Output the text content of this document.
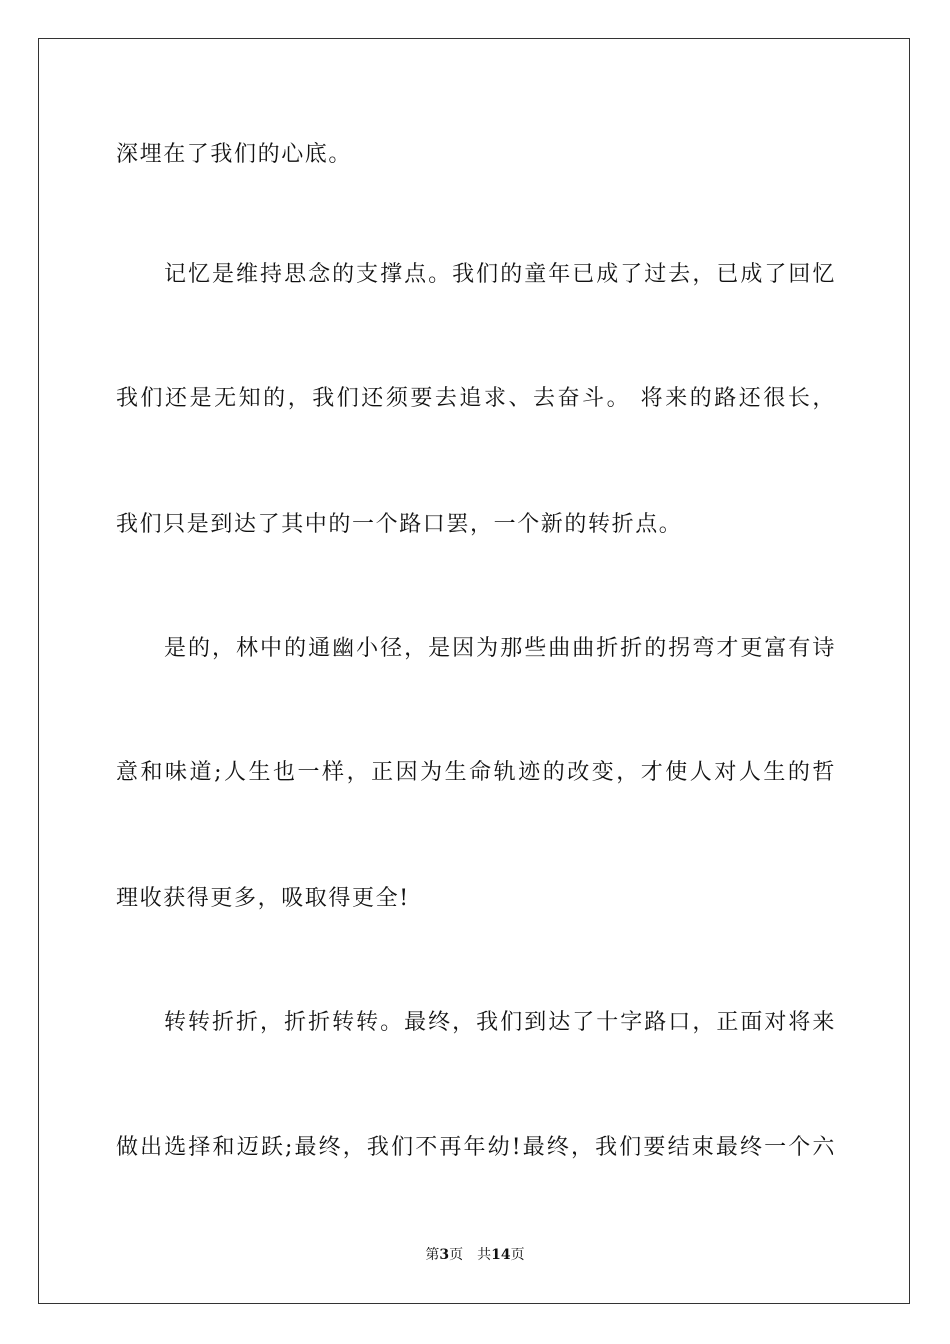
深埋在了我们的心底。
记忆是维持思念的支撑点。我们的童年已成了过去，已成了回忆
我们还是无知的，我们还须要去追求、去奋斗。 将来的路还很长，
我们只是到达了其中的一个路口罢，一个新的转折点。
是的，林中的通幽小径，是因为那些曲曲折折的拐弯才更富有诗
意和味道;人生也一样，正因为生命轨迹的改变，才使人对人生的哲
理收获得更多，吸取得更全!
转转折折，折折转转。最终，我们到达了十字路口，正面对将来
做出选择和迈跃;最终，我们不再年幼!最终，我们要结束最终一个六
第3页 共14页
